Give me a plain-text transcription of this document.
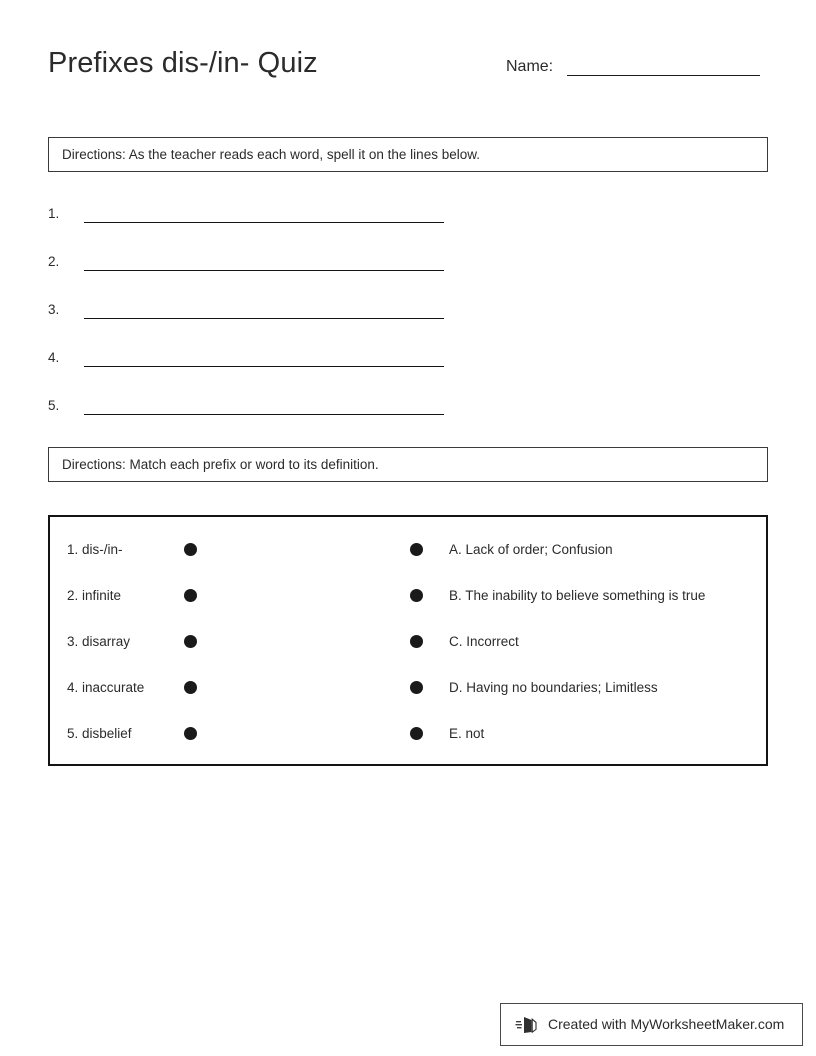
Prefixes dis-/in- Quiz	Name:
Directions: As the teacher reads each word, spell it on the lines below.
1.
2.
3.
4.
5.
Directions: Match each prefix or word to its definition.
1. dis-/in-	A. Lack of order; Confusion
2. infinite	B. The inability to believe something is true
3. disarray	C. Incorrect
4. inaccurate	D. Having no boundaries; Limitless
5. disbelief	E. not
Created with MyWorksheetMaker.com
